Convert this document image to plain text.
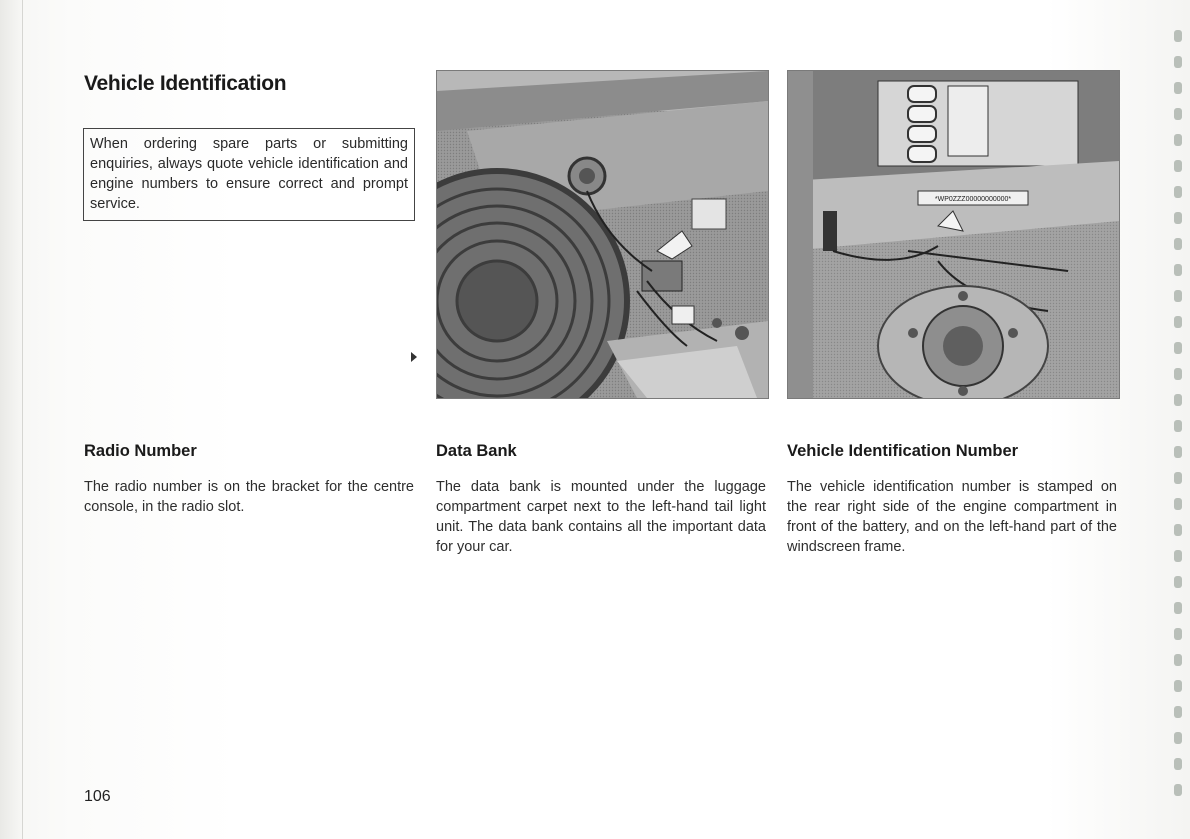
Vehicle Identification
When ordering spare parts or submitting enquiries, always quote vehicle identification and engine numbers to ensure correct and prompt service.	*WP0ZZZ00000000000*
Radio Number

The radio number is on the bracket for the centre console, in the radio slot.

Data Bank

The data bank is mounted under the luggage compartment carpet next to the left-hand tail light unit. The data bank contains all the important data for your car.

Vehicle Identification Number

The vehicle identification number is stamped on the rear right side of the engine compartment in front of the battery, and on the left-hand part of the windscreen frame.

106
